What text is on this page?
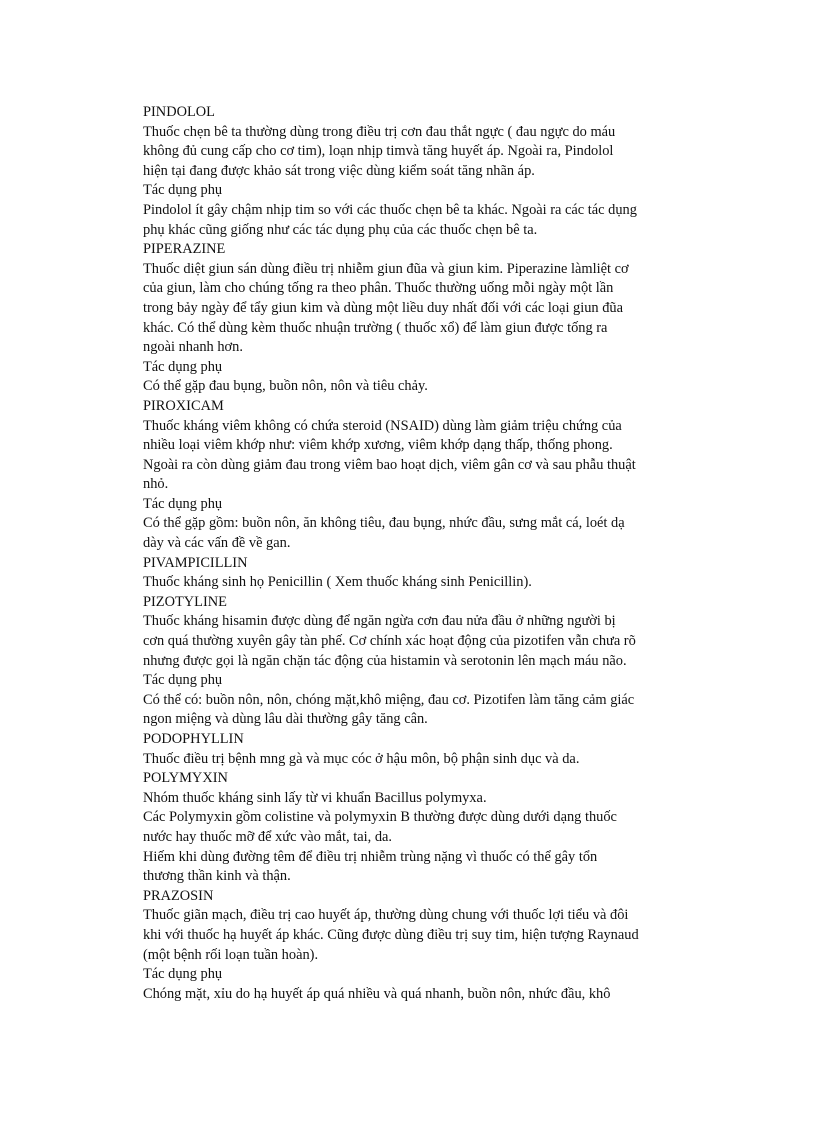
PINDOLOL
Thuốc chẹn bê ta thường dùng trong điều trị cơn đau thắt ngực ( đau ngực do máu
không đủ cung cấp cho cơ tim), loạn nhịp timvà tăng huyết áp. Ngoài ra, Pindolol
hiện tại đang được khảo sát trong việc dùng kiểm soát tăng nhãn áp.
Tác dụng phụ
Pindolol ít gây chậm nhịp tim so với các thuốc chẹn bê ta khác. Ngoài ra các tác dụng
phụ khác cũng giống như các tác dụng phụ của các thuốc chẹn bê ta.
PIPERAZINE
Thuốc diệt giun sán dùng điều trị nhiễm giun đũa và giun kim. Piperazine làmliệt cơ
của giun, làm cho chúng tống ra theo phân. Thuốc thường uống mỗi ngày một lần
trong bảy ngày để tẩy giun kim và dùng một liều duy nhất đối với các loại giun đũa
khác. Có thể dùng kèm thuốc nhuận trường ( thuốc xổ) để làm giun được tống ra
ngoài nhanh hơn.
Tác dụng phụ
Có thể gặp đau bụng, buồn nôn, nôn và tiêu chảy.
PIROXICAM
Thuốc kháng viêm không có chứa steroid (NSAID) dùng làm giảm triệu chứng của
nhiều loại viêm khớp như: viêm khớp xương, viêm khớp dạng thấp, thống phong.
Ngoài ra còn dùng giảm đau trong viêm bao hoạt dịch, viêm gân cơ và sau phẫu thuật
nhỏ.
Tác dụng phụ
Có thể gặp gồm: buồn nôn, ăn không tiêu, đau bụng, nhức đầu, sưng mắt cá, loét dạ
dày và các vấn đề về gan.
PIVAMPICILLIN
Thuốc kháng sinh họ Penicillin ( Xem thuốc kháng sinh Penicillin).
PIZOTYLINE
Thuốc kháng hisamin được dùng để ngăn ngừa cơn đau nửa đầu ở những người bị
cơn quá thường xuyên gây tàn phế. Cơ chính xác hoạt động của pizotifen vẫn chưa rõ
nhưng được gọi là ngăn chặn tác động của histamin và serotonin lên mạch máu não.
Tác dụng phụ
Có thể có: buồn nôn, nôn, chóng mặt,khô miệng, đau cơ. Pizotifen làm tăng cảm giác
ngon miệng và dùng lâu dài thường gây tăng cân.
PODOPHYLLIN
Thuốc điều trị bệnh mng gà và mục cóc ở hậu môn, bộ phận sinh dục và da.
POLYMYXIN
Nhóm thuốc kháng sinh lấy từ vi khuẩn Bacillus polymyxa.
Các Polymyxin gồm colistine và polymyxin B thường được dùng dưới dạng thuốc
nước hay thuốc mỡ để xức vào mắt, tai, da.
Hiếm khi dùng đường têm để điều trị nhiễm trùng nặng vì thuốc có thể gây tổn
thương thần kinh và thận.
PRAZOSIN
Thuốc giãn mạch, điều trị cao huyết áp, thường dùng chung với thuốc lợi tiểu và đôi
khi với thuốc hạ huyết áp khác. Cũng được dùng điều trị suy tim, hiện tượng Raynaud
(một bệnh rối loạn tuần hoàn).
Tác dụng phụ
Chóng mặt, xỉu do hạ huyết áp quá nhiều và quá nhanh, buồn nôn, nhức đầu, khô
